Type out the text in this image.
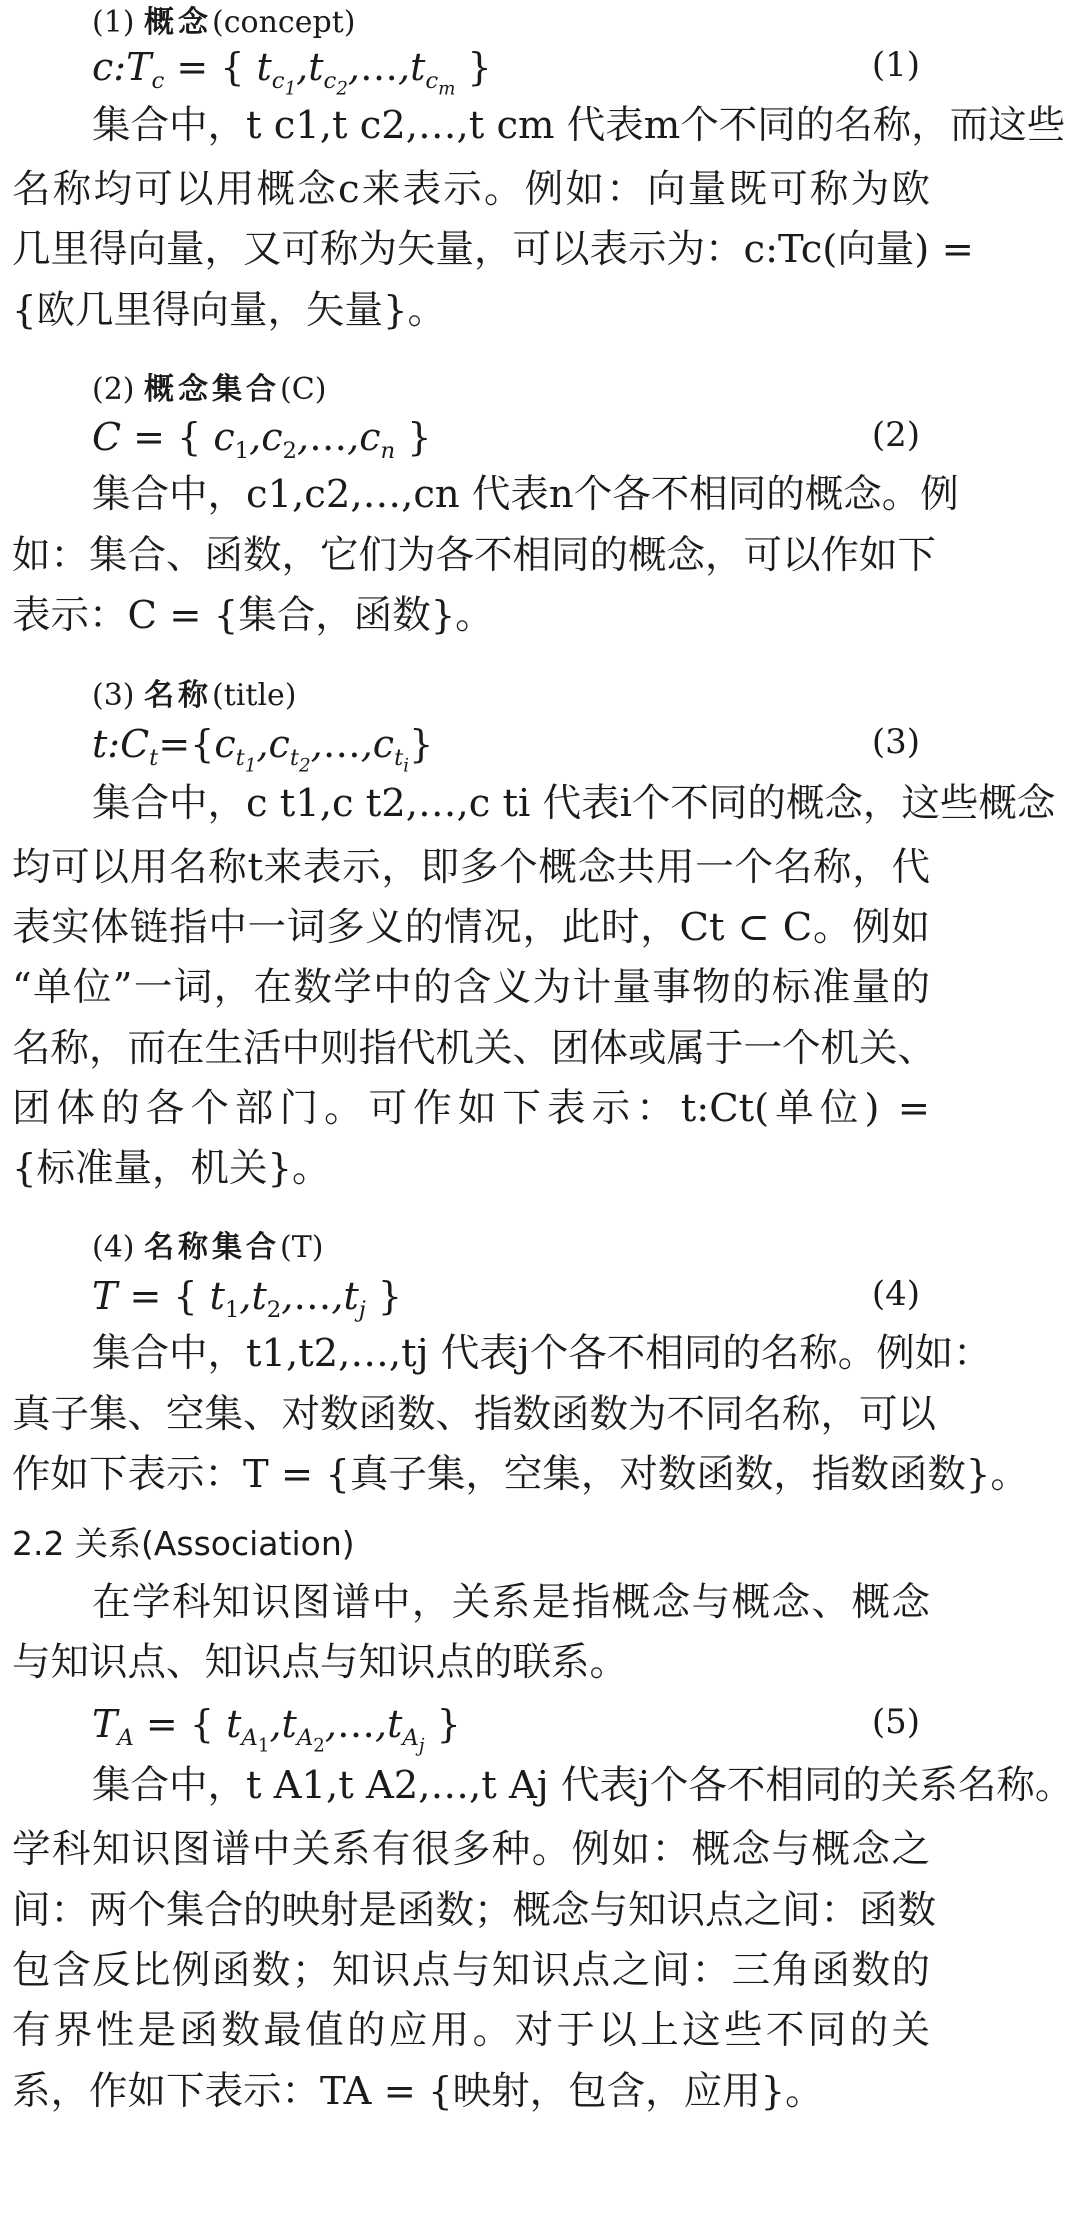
(1) 概念(concept)
$c:T_c$ = { $t_{c_1},t_{c_2},\dots,t_{c_m}$ }	(1)
集合中，t c1,t c2,…,t cm 代表m个不同的名称，而这些
名称均可以用概念c来表示。例如：向量既可称为欧
几里得向量，又可称为矢量，可以表示为：c:Tc(向量) =
{欧几里得向量，矢量}。
(2) 概念集合(C)
C = { $c_1,c_2,\dots,c_n$ }	(2)
集合中，c1,c2,…,cn 代表n个各不相同的概念。例
如：集合、函数，它们为各不相同的概念，可以作如下
表示：C = {集合，函数}。
(3) 名称(title)
$t:C_t=\{c_{t_1},c_{t_2},\dots,c_{t_i}\}$	(3)
集合中，c t1,c t2,…,c ti 代表i个不同的概念，这些概念
均可以用名称t来表示，即多个概念共用一个名称，代
表实体链指中一词多义的情况，此时，Ct ⊂ C。例如
“单位”一词，在数学中的含义为计量事物的标准量的
名称，而在生活中则指代机关、团体或属于一个机关、
团体的各个部门。可作如下表示：t:Ct(单位) =
{标准量，机关}。
(4) 名称集合(T)
T = { $t_1,t_2,\dots,t_j$ }	(4)
集合中，t1,t2,…,tj 代表j个各不相同的名称。例如：
真子集、空集、对数函数、指数函数为不同名称，可以
作如下表示：T = {真子集，空集，对数函数，指数函数}。
2.2 关系(Association)
在学科知识图谱中，关系是指概念与概念、概念
与知识点、知识点与知识点的联系。
$T_A$ = { $t_{A_1},t_{A_2},\dots,t_{A_j}$ }	(5)
集合中，t A1,t A2,…,t Aj 代表j个各不相同的关系名称。
学科知识图谱中关系有很多种。例如：概念与概念之
间：两个集合的映射是函数；概念与知识点之间：函数
包含反比例函数；知识点与知识点之间：三角函数的
有界性是函数最值的应用。对于以上这些不同的关
系，作如下表示：TA = {映射，包含，应用}。
